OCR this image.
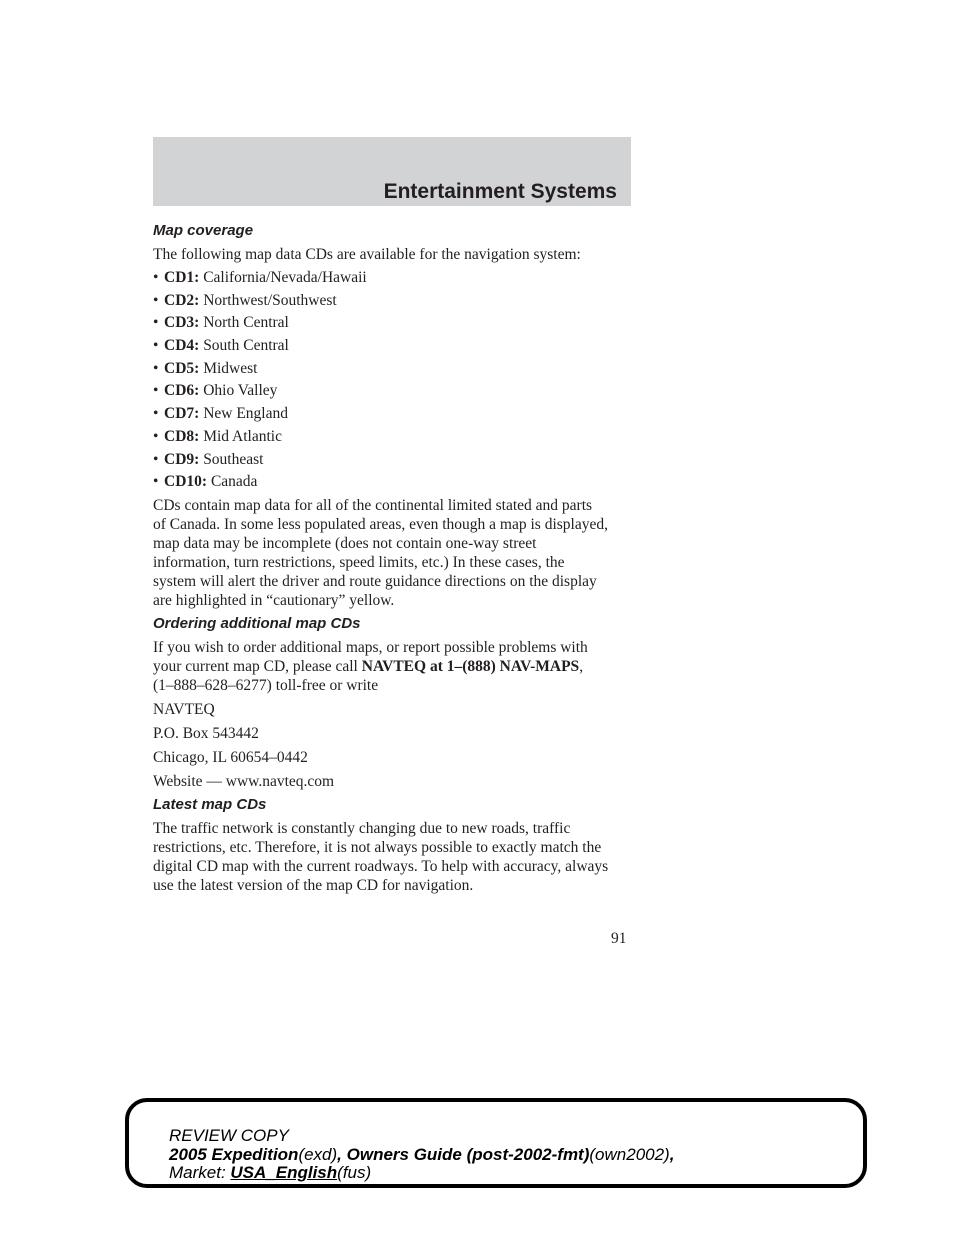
Entertainment Systems
Map coverage

The following map data CDs are available for the navigation system:

• CD1: California/Nevada/Hawaii
• CD2: Northwest/Southwest
• CD3: North Central
• CD4: South Central
• CD5: Midwest
• CD6: Ohio Valley
• CD7: New England
• CD8: Mid Atlantic
• CD9: Southeast
• CD10: Canada

CDs contain map data for all of the continental limited stated and parts
of Canada. In some less populated areas, even though a map is displayed,
map data may be incomplete (does not contain one-way street
information, turn restrictions, speed limits, etc.) In these cases, the
system will alert the driver and route guidance directions on the display
are highlighted in “cautionary” yellow.

Ordering additional map CDs

If you wish to order additional maps, or report possible problems with
your current map CD, please call NAVTEQ at 1–(888) NAV-MAPS,
(1–888–628–6277) toll-free or write

NAVTEQ

P.O. Box 543442

Chicago, IL 60654–0442

Website — www.navteq.com

Latest map CDs

The traffic network is constantly changing due to new roads, traffic
restrictions, etc. Therefore, it is not always possible to exactly match the
digital CD map with the current roadways. To help with accuracy, always
use the latest version of the map CD for navigation.

91
REVIEW COPY
2005 Expedition(exd), Owners Guide (post-2002-fmt)(own2002),
Market: USA_English(fus)
